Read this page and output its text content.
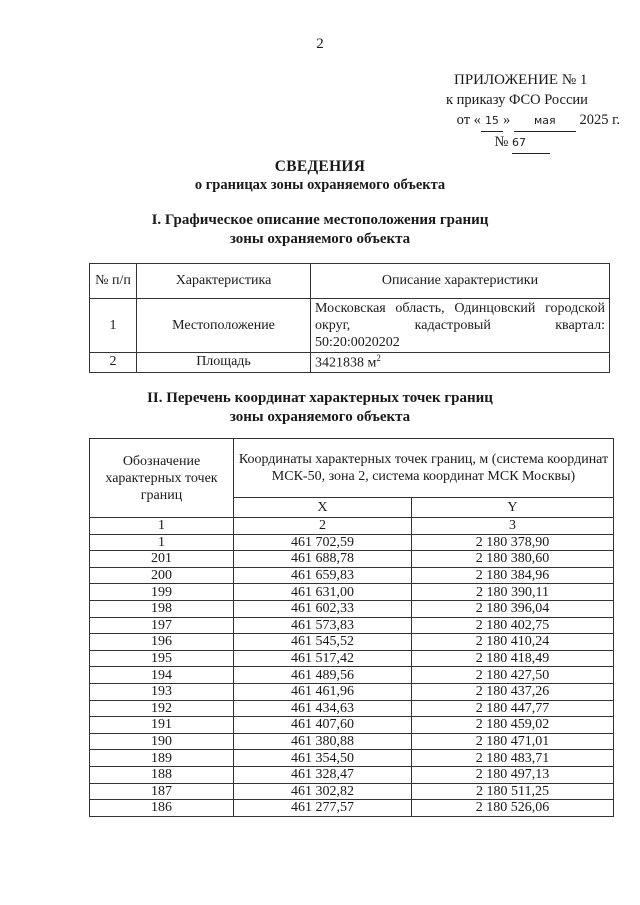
2
ПРИЛОЖЕНИЕ № 1
к приказу ФСО России
от « 15 » мая 2025 г.
№ 67
СВЕДЕНИЯ
о границах зоны охраняемого объекта
I. Графическое описание местоположения границ
зоны охраняемого объекта
№ п/п	Характеристика	Описание характеристики
1	Местоположение	Московская область, Одинцовский городской округ, кадастровый квартал:
50:20:0020202

2	Площадь	3421838 $м^2$
II. Перечень координат характерных точек границ
зоны охраняемого объекта
Обозначение характерных точек границ	Координаты характерных точек границ, м (система координат МСК-50, зона 2, система координат МСК Москвы)	
	X	Y
1	2	3
1	461 702,59	2 180 378,90
201	461 688,78	2 180 380,60
200	461 659,83	2 180 384,96
199	461 631,00	2 180 390,11
198	461 602,33	2 180 396,04
197	461 573,83	2 180 402,75
196	461 545,52	2 180 410,24
195	461 517,42	2 180 418,49
194	461 489,56	2 180 427,50
193	461 461,96	2 180 437,26
192	461 434,63	2 180 447,77
191	461 407,60	2 180 459,02
190	461 380,88	2 180 471,01
189	461 354,50	2 180 483,71
188	461 328,47	2 180 497,13
187	461 302,82	2 180 511,25
186	461 277,57	2 180 526,06
